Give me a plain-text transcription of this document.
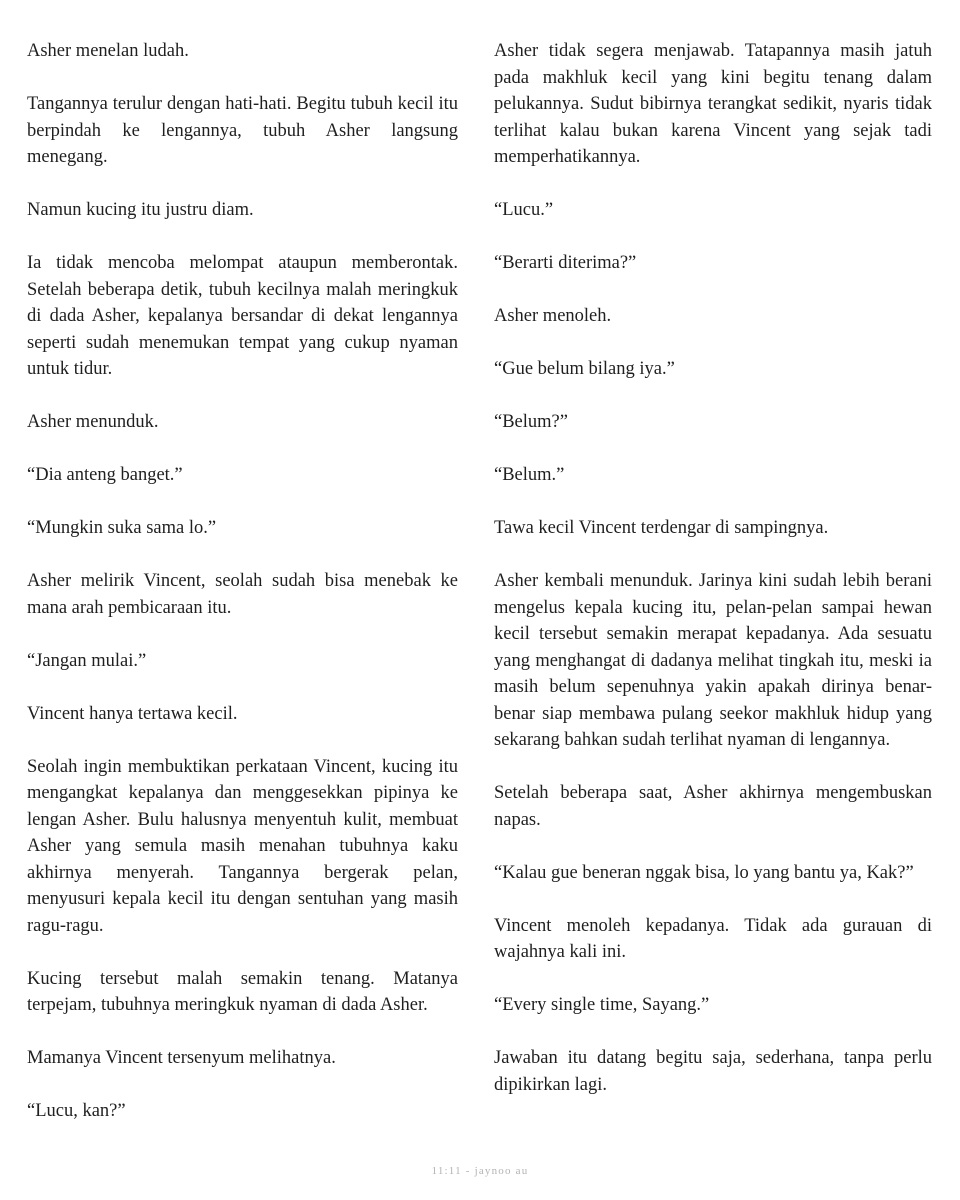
Asher menelan ludah.

Tangannya terulur dengan hati-hati. Begitu tubuh kecil itu berpindah ke lengannya, tubuh Asher langsung menegang.

Namun kucing itu justru diam.

Ia tidak mencoba melompat ataupun memberontak. Setelah beberapa detik, tubuh kecilnya malah meringkuk di dada Asher, kepalanya bersandar di dekat lengannya seperti sudah menemukan tempat yang cukup nyaman untuk tidur.

Asher menunduk.

“Dia anteng banget.”

“Mungkin suka sama lo.”

Asher melirik Vincent, seolah sudah bisa menebak ke mana arah pembicaraan itu.

“Jangan mulai.”

Vincent hanya tertawa kecil.

Seolah ingin membuktikan perkataan Vincent, kucing itu mengangkat kepalanya dan menggesekkan pipinya ke lengan Asher. Bulu halusnya menyentuh kulit, membuat Asher yang semula masih menahan tubuhnya kaku akhirnya menyerah. Tangannya bergerak pelan, menyusuri kepala kecil itu dengan sentuhan yang masih ragu-ragu.

Kucing tersebut malah semakin tenang. Matanya terpejam, tubuhnya meringkuk nyaman di dada Asher.

Mamanya Vincent tersenyum melihatnya.

“Lucu, kan?”

Asher tidak segera menjawab. Tatapannya masih jatuh pada makhluk kecil yang kini begitu tenang dalam pelukannya. Sudut bibirnya terangkat sedikit, nyaris tidak terlihat kalau bukan karena Vincent yang sejak tadi memperhatikannya.

“Lucu.”

“Berarti diterima?”

Asher menoleh.

“Gue belum bilang iya.”

“Belum?”

“Belum.”

Tawa kecil Vincent terdengar di sampingnya.

Asher kembali menunduk. Jarinya kini sudah lebih berani mengelus kepala kucing itu, pelan-pelan sampai hewan kecil tersebut semakin merapat kepadanya. Ada sesuatu yang menghangat di dadanya melihat tingkah itu, meski ia masih belum sepenuhnya yakin apakah dirinya benar-benar siap membawa pulang seekor makhluk hidup yang sekarang bahkan sudah terlihat nyaman di lengannya.

Setelah beberapa saat, Asher akhirnya mengembuskan napas.

“Kalau gue beneran nggak bisa, lo yang bantu ya, Kak?”

Vincent menoleh kepadanya. Tidak ada gurauan di wajahnya kali ini.

“Every single time, Sayang.”

Jawaban itu datang begitu saja, sederhana, tanpa perlu dipikirkan lagi.

11:11 - jaynoo au
